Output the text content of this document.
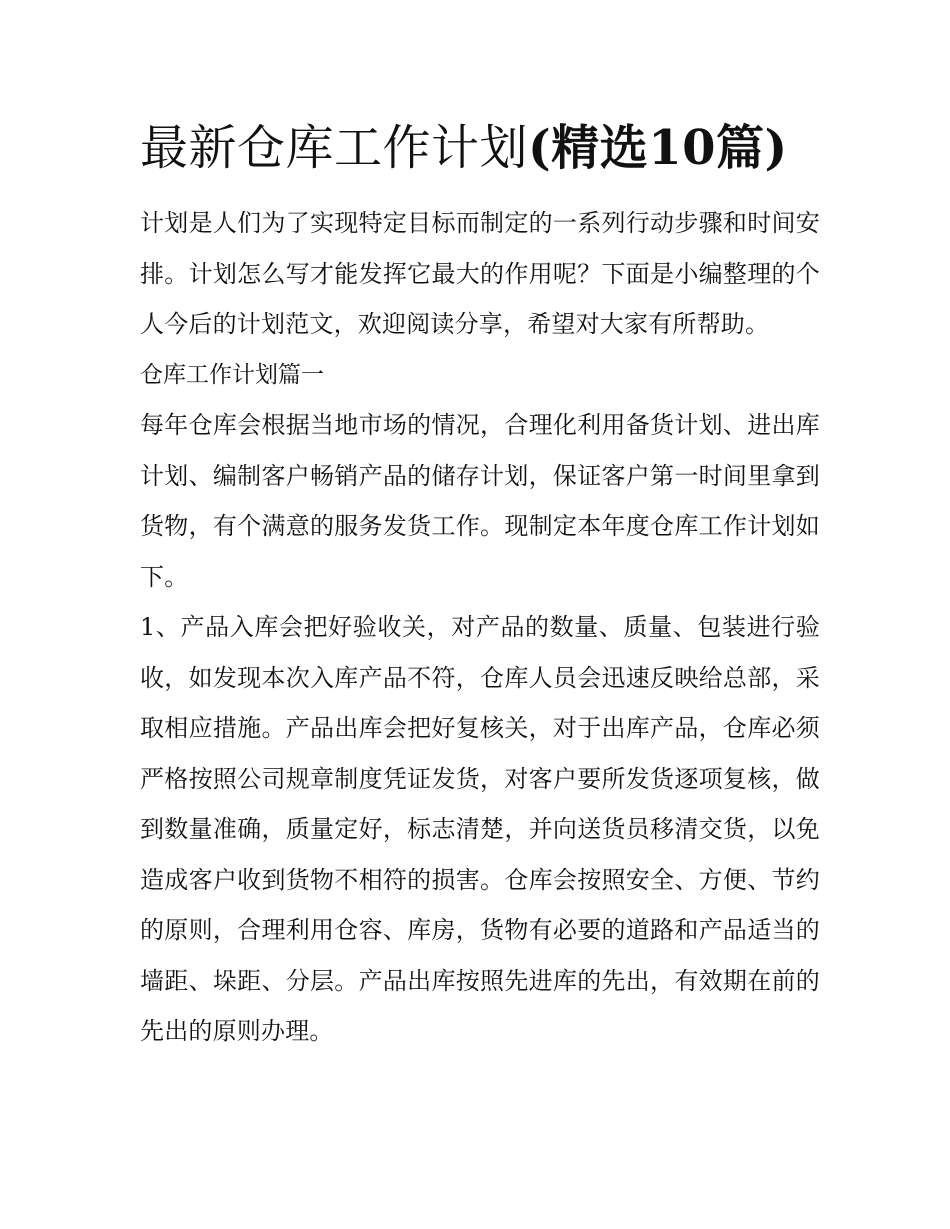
最新仓库工作计划(精选10篇)

计划是人们为了实现特定目标而制定的一系列行动步骤和时间安排。计划怎么写才能发挥它最大的作用呢？下面是小编整理的个人今后的计划范文，欢迎阅读分享，希望对大家有所帮助。

仓库工作计划篇一

每年仓库会根据当地市场的情况，合理化利用备货计划、进出库计划、编制客户畅销产品的储存计划，保证客户第一时间里拿到货物，有个满意的服务发货工作。现制定本年度仓库工作计划如下。

1、产品入库会把好验收关，对产品的数量、质量、包装进行验收，如发现本次入库产品不符，仓库人员会迅速反映给总部，采取相应措施。产品出库会把好复核关，对于出库产品，仓库必须严格按照公司规章制度凭证发货，对客户要所发货逐项复核，做到数量准确，质量定好，标志清楚，并向送货员移清交货，以免造成客户收到货物不相符的损害。仓库会按照安全、方便、节约的原则，合理利用仓容、库房，货物有必要的道路和产品适当的墙距、垛距、分层。产品出库按照先进库的先出，有效期在前的先出的原则办理。
